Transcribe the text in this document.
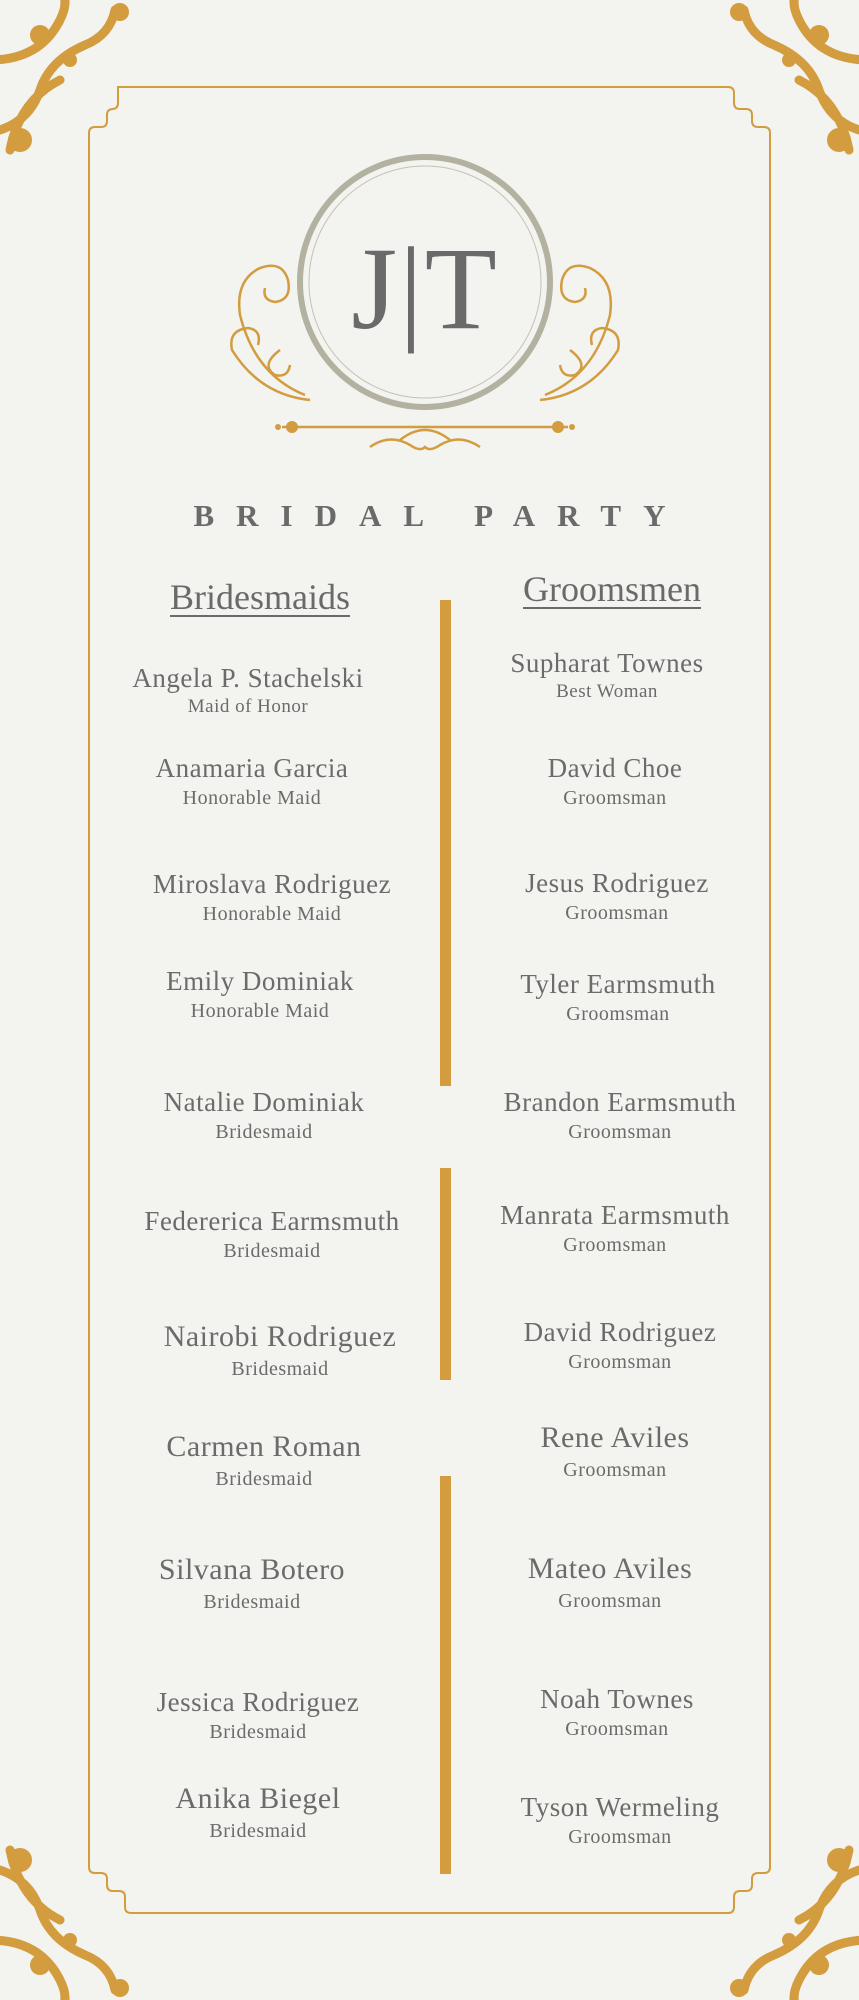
J|T
BRIDAL PARTY
Bridesmaids	Groomsmen
Angela P. Stachelski
Maid of Honor
Anamaria Garcia
Honorable Maid
Miroslava Rodriguez
Honorable Maid
Emily Dominiak
Honorable Maid
Natalie Dominiak
Bridesmaid
Federerica Earmsmuth
Bridesmaid
Nairobi Rodriguez
Bridesmaid
Carmen Roman
Bridesmaid
Silvana Botero
Bridesmaid
Jessica Rodriguez
Bridesmaid
Anika Biegel
Bridesmaid
Supharat Townes
Best Woman
David Choe
Groomsman
Jesus Rodriguez
Groomsman
Tyler Earmsmuth
Groomsman
Brandon Earmsmuth
Groomsman
Manrata Earmsmuth
Groomsman
David Rodriguez
Groomsman
Rene Aviles
Groomsman
Mateo Aviles
Groomsman
Noah Townes
Groomsman
Tyson Wermeling
Groomsman
